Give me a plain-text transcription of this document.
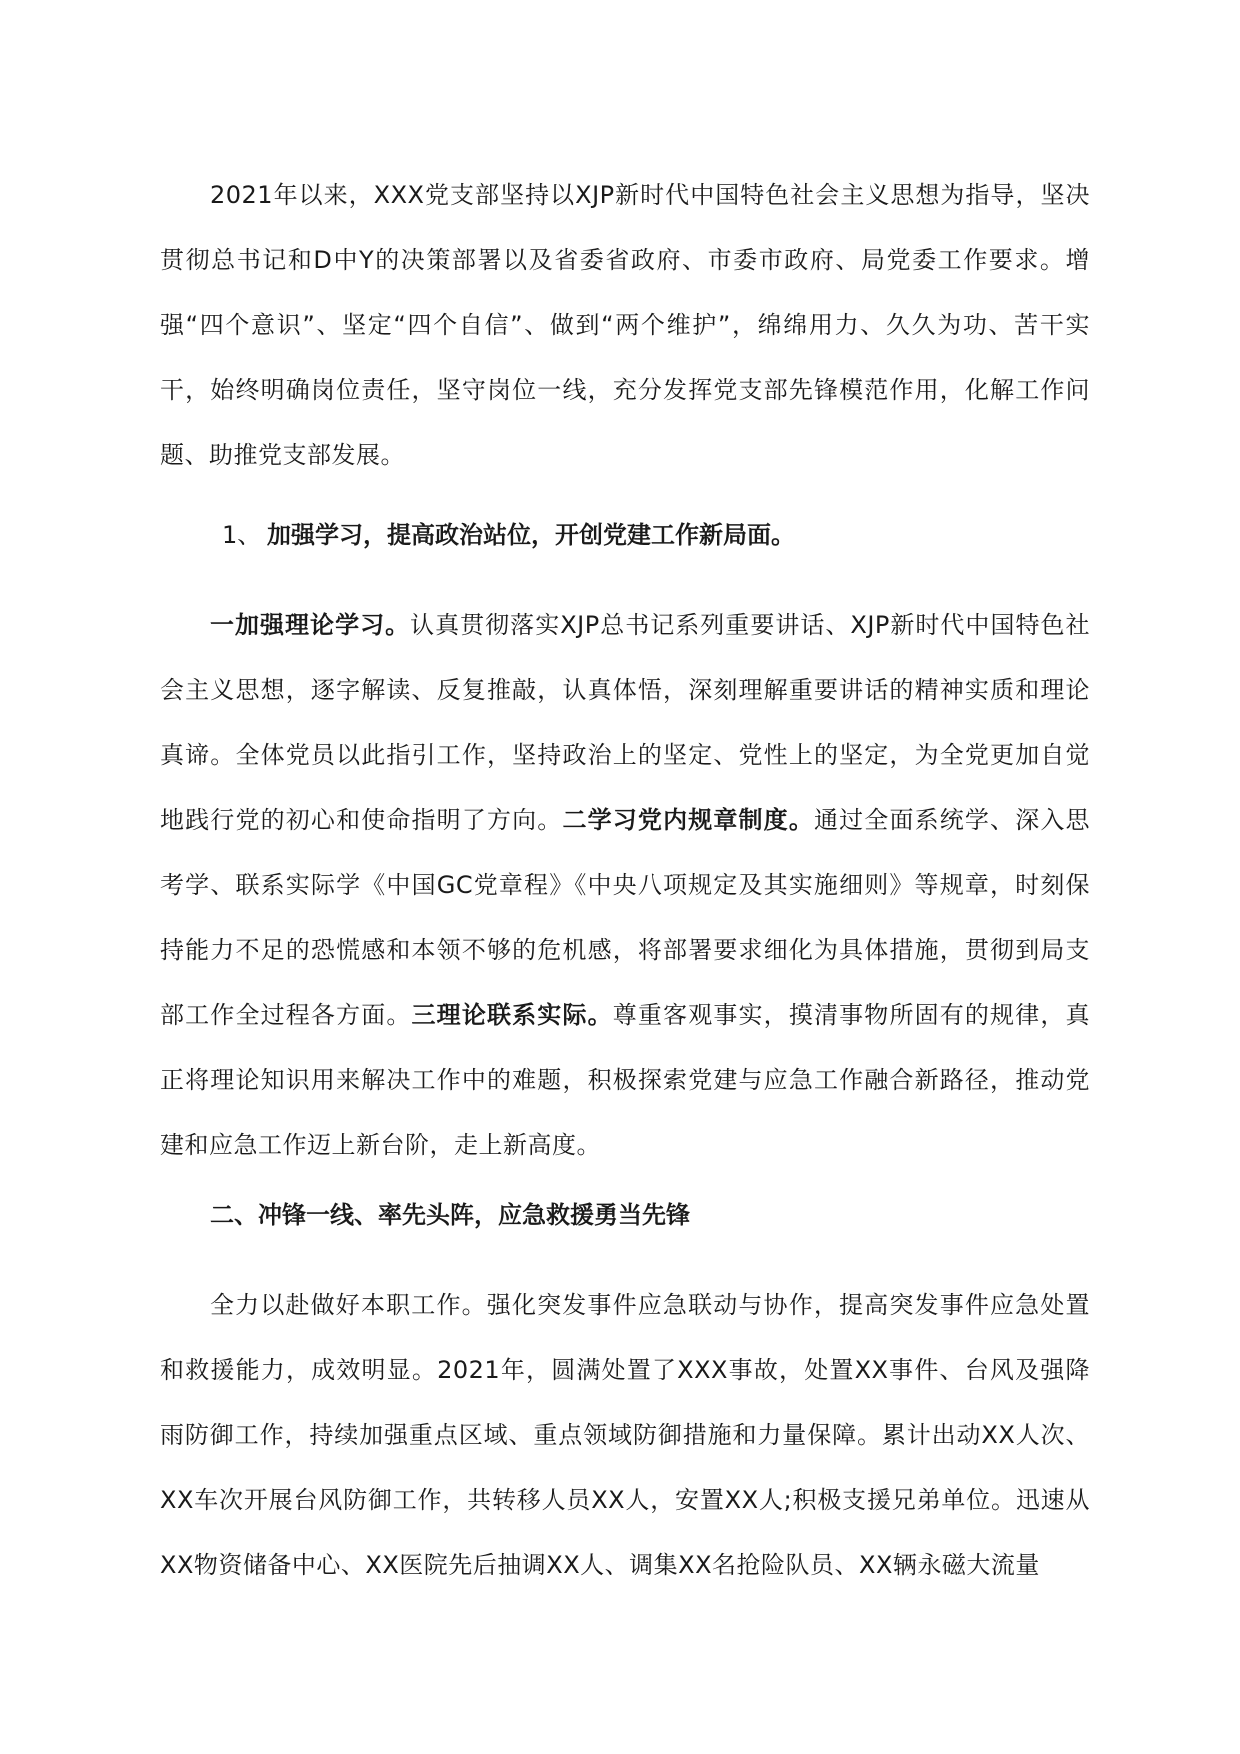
2021年以来，XXX党支部坚持以XJP新时代中国特色社会主义思想为指导，坚决贯彻总书记和D中Y的决策部署以及省委省政府、市委市政府、局党委工作要求。增强“四个意识”、坚定“四个自信”、做到“两个维护”，绵绵用力、久久为功、苦干实干，始终明确岗位责任，坚守岗位一线，充分发挥党支部先锋模范作用，化解工作问题、助推党支部发展。

1、 加强学习，提高政治站位，开创党建工作新局面。

一加强理论学习。认真贯彻落实XJP总书记系列重要讲话、XJP新时代中国特色社会主义思想，逐字解读、反复推敲，认真体悟，深刻理解重要讲话的精神实质和理论真谛。全体党员以此指引工作，坚持政治上的坚定、党性上的坚定，为全党更加自觉地践行党的初心和使命指明了方向。二学习党内规章制度。通过全面系统学、深入思考学、联系实际学《中国GC党章程》《中央八项规定及其实施细则》等规章，时刻保持能力不足的恐慌感和本领不够的危机感，将部署要求细化为具体措施，贯彻到局支部工作全过程各方面。三理论联系实际。尊重客观事实，摸清事物所固有的规律，真正将理论知识用来解决工作中的难题，积极探索党建与应急工作融合新路径，推动党建和应急工作迈上新台阶，走上新高度。

二、冲锋一线、率先头阵，应急救援勇当先锋

全力以赴做好本职工作。强化突发事件应急联动与协作，提高突发事件应急处置和救援能力，成效明显。2021年，圆满处置了XXX事故，处置XX事件、台风及强降雨防御工作，持续加强重点区域、重点领域防御措施和力量保障。累计出动XX人次、XX车次开展台风防御工作，共转移人员XX人，安置XX人;积极支援兄弟单位。迅速从XX物资储备中心、XX医院先后抽调XX人、调集XX名抢险队员、XX辆永磁大流量
